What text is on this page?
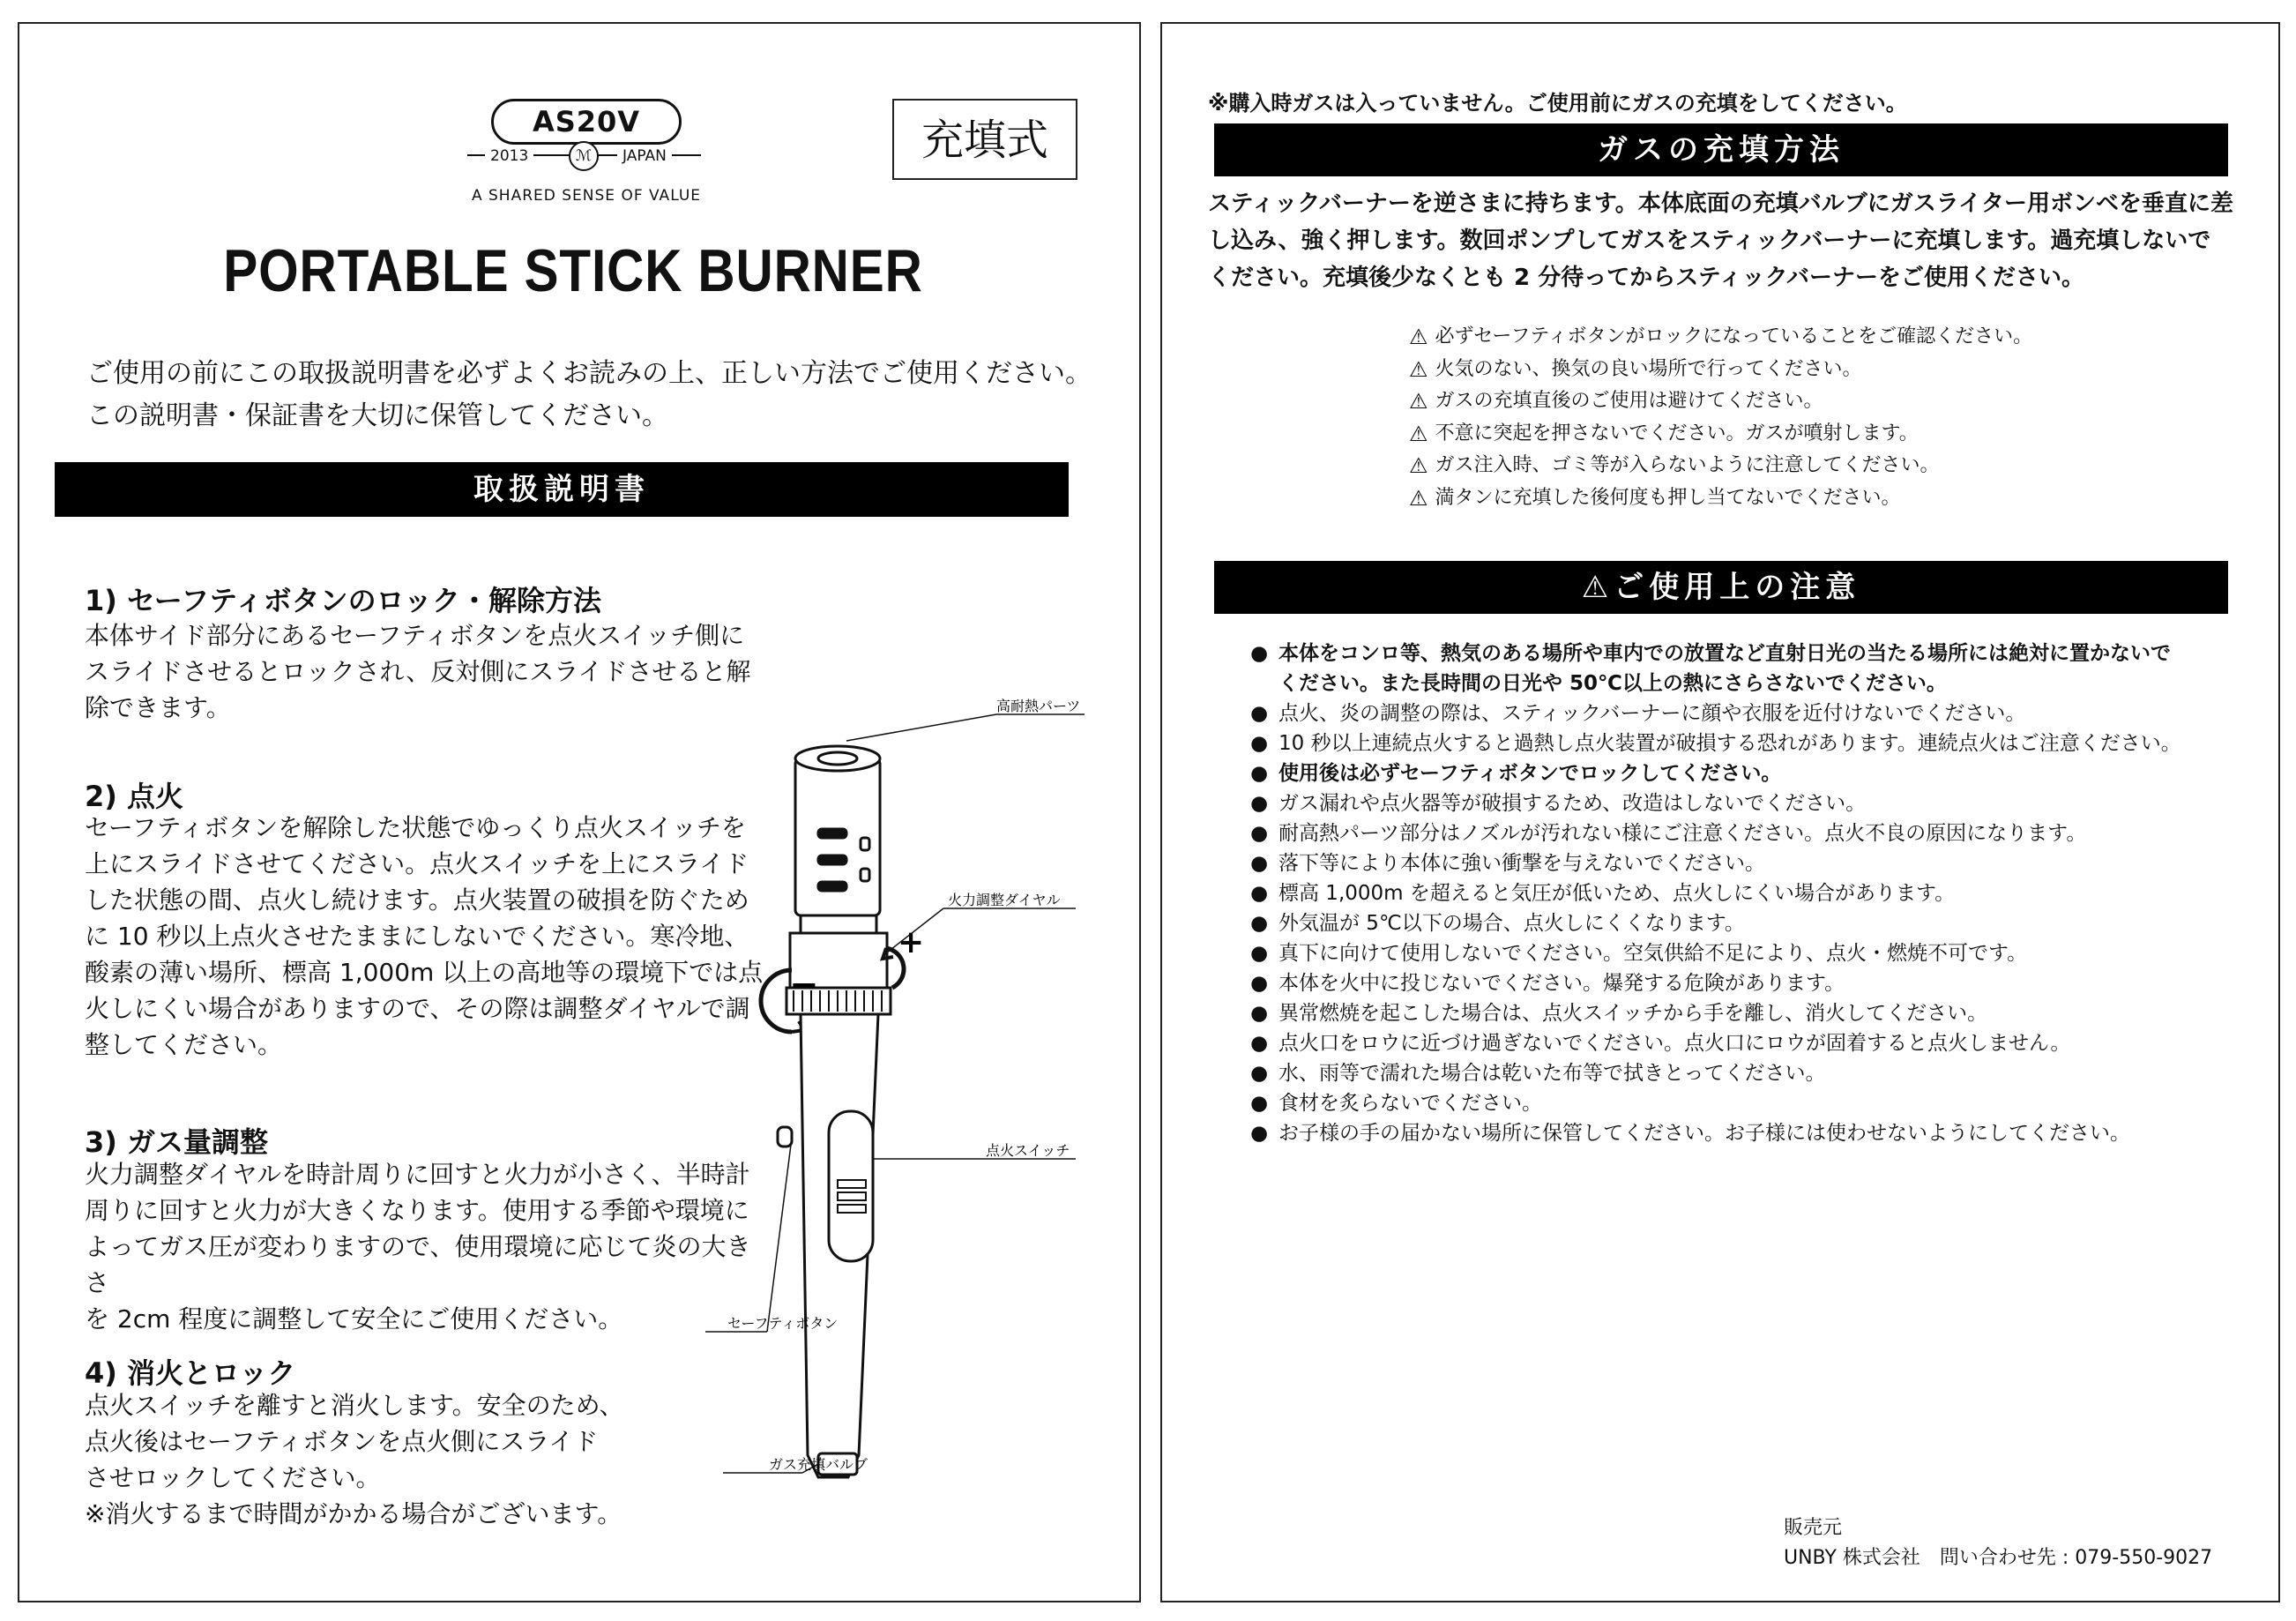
AS20V
2013	JAPAN
ℳ
A SHARED SENSE OF VALUE
充填式
PORTABLE STICK BURNER
ご使用の前にこの取扱説明書を必ずよくお読みの上、正しい方法でご使用ください。
この説明書・保証書を大切に保管してください。
取扱説明書
1) セーフティボタンのロック・解除方法
本体サイド部分にあるセーフティボタンを点火スイッチ側に
スライドさせるとロックされ、反対側にスライドさせると解
除できます。
2) 点火
セーフティボタンを解除した状態でゆっくり点火スイッチを
上にスライドさせてください。点火スイッチを上にスライド
した状態の間、点火し続けます。点火装置の破損を防ぐため
に 10 秒以上点火させたままにしないでください。寒冷地、
酸素の薄い場所、標高 1,000m 以上の高地等の環境下では点
火しにくい場合がありますので、その際は調整ダイヤルで調
整してください。
3) ガス量調整
火力調整ダイヤルを時計周りに回すと火力が小さく、半時計
周りに回すと火力が大きくなります。使用する季節や環境に
よってガス圧が変わりますので、使用環境に応じて炎の大きさ
を 2cm 程度に調整して安全にご使用ください。
4) 消火とロック
点火スイッチを離すと消火します。安全のため、
点火後はセーフティボタンを点火側にスライド
させロックしてください。
※消火するまで時間がかかる場合がございます。
−
+
高耐熱パーツ
火力調整ダイヤル
点火スイッチ
セーフティボタン
ガス充填バルブ
※購入時ガスは入っていません。ご使用前にガスの充填をしてください。
ガスの充填方法
スティックバーナーを逆さまに持ちます。本体底面の充填バルブにガスライター用ボンベを垂直に差
し込み、強く押します。数回ポンプしてガスをスティックバーナーに充填します。過充填しないで
ください。充填後少なくとも 2 分待ってからスティックバーナーをご使用ください。
⚠ 必ずセーフティボタンがロックになっていることをご確認ください。
⚠ 火気のない、換気の良い場所で行ってください。
⚠ ガスの充填直後のご使用は避けてください。
⚠ 不意に突起を押さないでください。ガスが噴射します。
⚠ ガス注入時、ゴミ等が入らないように注意してください。
⚠ 満タンに充填した後何度も押し当てないでください。
⚠ご使用上の注意
● 本体をコンロ等、熱気のある場所や車内での放置など直射日光の当たる場所には絶対に置かないで
ください。また長時間の日光や 50℃以上の熱にさらさないでください。
● 点火、炎の調整の際は、スティックバーナーに顔や衣服を近付けないでください。
● 10 秒以上連続点火すると過熱し点火装置が破損する恐れがあります。連続点火はご注意ください。
● 使用後は必ずセーフティボタンでロックしてください。
● ガス漏れや点火器等が破損するため、改造はしないでください。
● 耐高熱パーツ部分はノズルが汚れない様にご注意ください。点火不良の原因になります。
● 落下等により本体に強い衝撃を与えないでください。
● 標高 1,000m を超えると気圧が低いため、点火しにくい場合があります。
● 外気温が 5℃以下の場合、点火しにくくなります。
● 真下に向けて使用しないでください。空気供給不足により、点火・燃焼不可です。
● 本体を火中に投じないでください。爆発する危険があります。
● 異常燃焼を起こした場合は、点火スイッチから手を離し、消火してください。
● 点火口をロウに近づけ過ぎないでください。点火口にロウが固着すると点火しません。
● 水、雨等で濡れた場合は乾いた布等で拭きとってください。
● 食材を炙らないでください。
● お子様の手の届かない場所に保管してください。お子様には使わせないようにしてください。
販売元
UNBY 株式会社　問い合わせ先 : 079-550-9027
